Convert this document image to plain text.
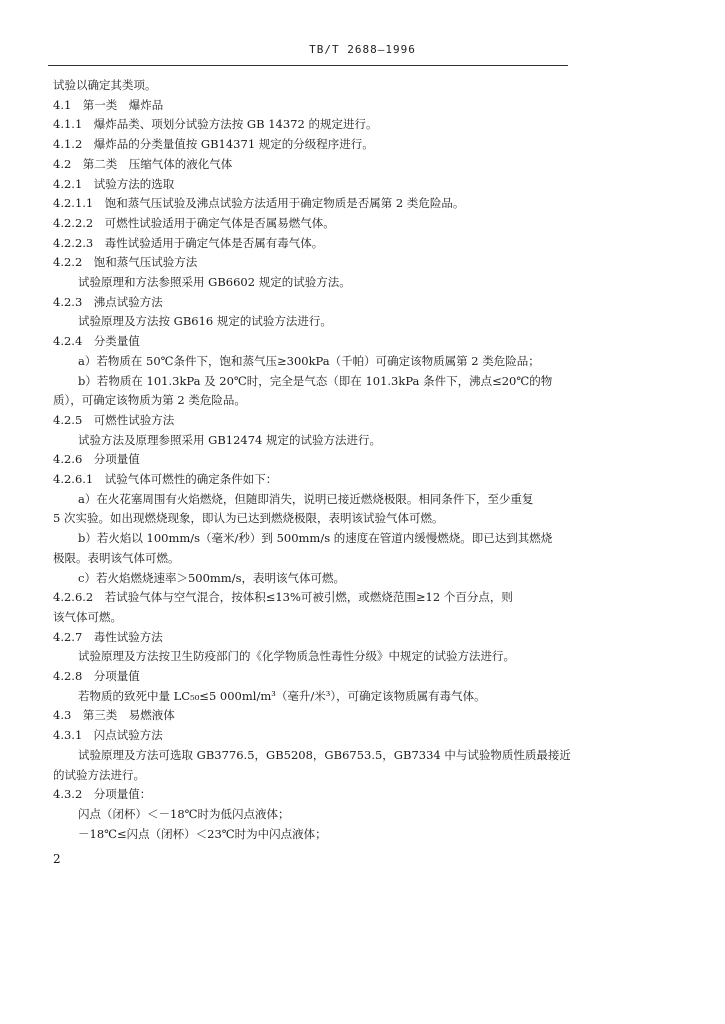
TB/T 2688—1996
试验以确定其类项。
4.1　第一类　爆炸品
4.1.1　爆炸品类、项划分试验方法按 GB 14372 的规定进行。
4.1.2　爆炸品的分类量值按 GB14371 规定的分级程序进行。
4.2　第二类　压缩气体的液化气体
4.2.1　试验方法的选取
4.2.1.1　饱和蒸气压试验及沸点试验方法适用于确定物质是否属第 2 类危险品。
4.2.2.2　可燃性试验适用于确定气体是否属易燃气体。
4.2.2.3　毒性试验适用于确定气体是否属有毒气体。
4.2.2　饱和蒸气压试验方法
试验原理和方法参照采用 GB6602 规定的试验方法。
4.2.3　沸点试验方法
试验原理及方法按 GB616 规定的试验方法进行。
4.2.4　分类量值
a）若物质在 50℃条件下，饱和蒸气压≥300kPa（千帕）可确定该物质属第 2 类危险品；
b）若物质在 101.3kPa 及 20℃时，完全是气态（即在 101.3kPa 条件下，沸点≤20℃的物
质），可确定该物质为第 2 类危险品。
4.2.5　可燃性试验方法
试验方法及原理参照采用 GB12474 规定的试验方法进行。
4.2.6　分项量值
4.2.6.1　试验气体可燃性的确定条件如下：
a）在火花塞周围有火焰燃烧，但随即消失，说明已接近燃烧极限。相同条件下，至少重复
5 次实验。如出现燃烧现象，即认为已达到燃烧极限，表明该试验气体可燃。
b）若火焰以 100mm/s（毫米/秒）到 500mm/s 的速度在管道内缓慢燃烧。即已达到其燃烧
极限。表明该气体可燃。
c）若火焰燃烧速率＞500mm/s，表明该气体可燃。
4.2.6.2　若试验气体与空气混合，按体积≤13%可被引燃，或燃烧范围≥12 个百分点，则
该气体可燃。
4.2.7　毒性试验方法
试验原理及方法按卫生防疫部门的《化学物质急性毒性分级》中规定的试验方法进行。
4.2.8　分项量值
若物质的致死中量 LC₅₀≤5 000ml/m³（毫升/米³），可确定该物质属有毒气体。
4.3　第三类　易燃液体
4.3.1　闪点试验方法
试验原理及方法可选取 GB3776.5，GB5208，GB6753.5，GB7334 中与试验物质性质最接近
的试验方法进行。
4.3.2　分项量值：
闪点（闭杯）＜－18℃时为低闪点液体；
－18℃≤闪点（闭杯）＜23℃时为中闪点液体；
2
